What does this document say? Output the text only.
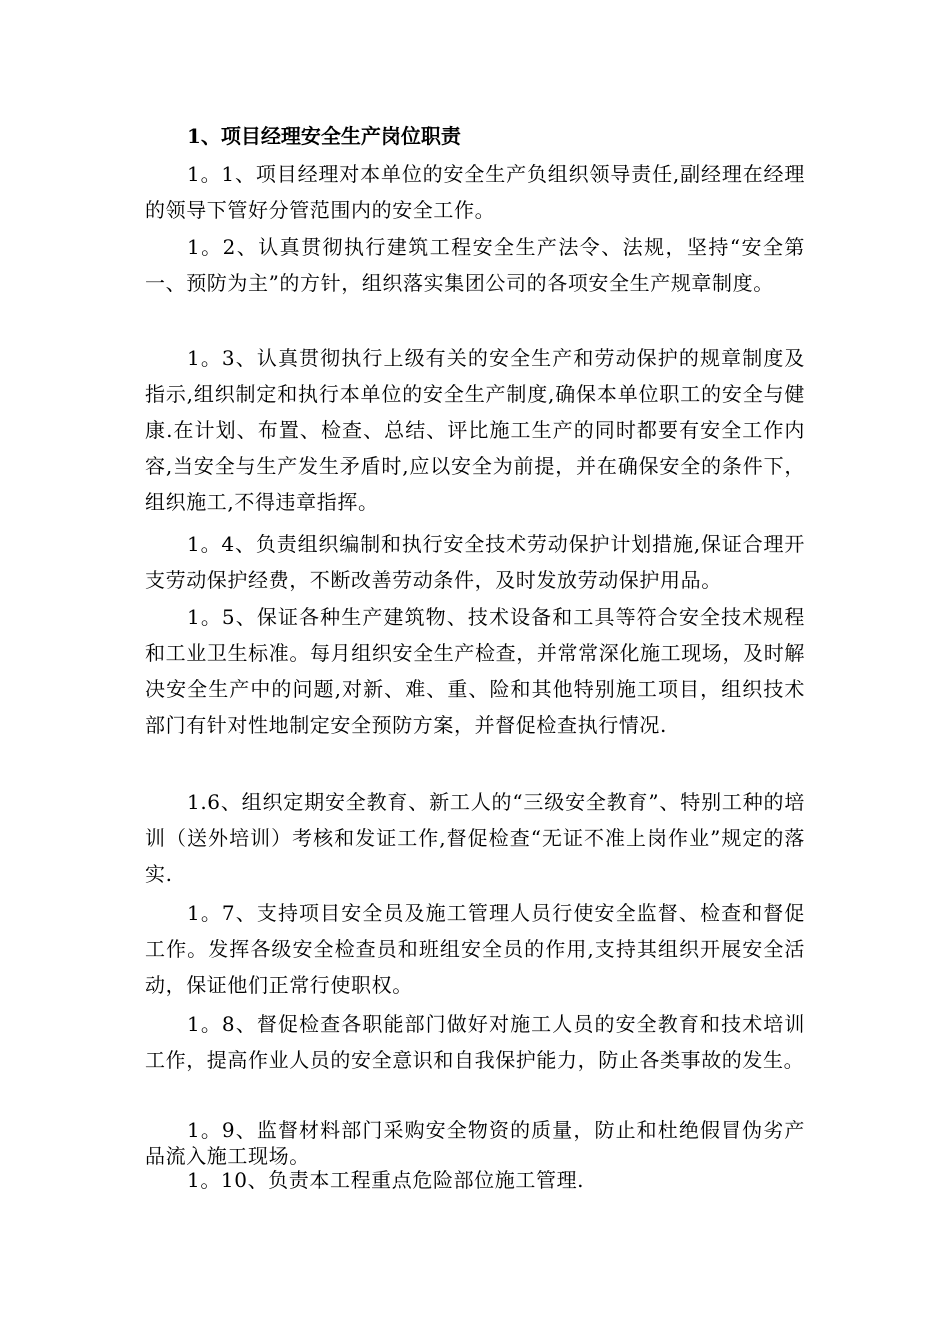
1、项目经理安全生产岗位职责

1。1、项目经理对本单位的安全生产负组织领导责任,副经理在经理的领导下管好分管范围内的安全工作。

1。2、认真贯彻执行建筑工程安全生产法令、法规，坚持“安全第一、预防为主”的方针，组织落实集团公司的各项安全生产规章制度。

1。3、认真贯彻执行上级有关的安全生产和劳动保护的规章制度及指示,组织制定和执行本单位的安全生产制度,确保本单位职工的安全与健康.在计划、布置、检查、总结、评比施工生产的同时都要有安全工作内容,当安全与生产发生矛盾时,应以安全为前提，并在确保安全的条件下，组织施工,不得违章指挥。

1。4、负责组织编制和执行安全技术劳动保护计划措施,保证合理开支劳动保护经费，不断改善劳动条件，及时发放劳动保护用品。

1。5、保证各种生产建筑物、技术设备和工具等符合安全技术规程和工业卫生标准。每月组织安全生产检查，并常常深化施工现场，及时解决安全生产中的问题,对新、难、重、险和其他特别施工项目，组织技术部门有针对性地制定安全预防方案，并督促检查执行情况.

1.6、组织定期安全教育、新工人的“三级安全教育”、特别工种的培训（送外培训）考核和发证工作,督促检查“无证不准上岗作业”规定的落实.

1。7、支持项目安全员及施工管理人员行使安全监督、检查和督促工作。发挥各级安全检查员和班组安全员的作用,支持其组织开展安全活动，保证他们正常行使职权。

1。8、督促检查各职能部门做好对施工人员的安全教育和技术培训工作，提高作业人员的安全意识和自我保护能力，防止各类事故的发生。

1。9、监督材料部门采购安全物资的质量，防止和杜绝假冒伪劣产品流入施工现场。

1。10、负责本工程重点危险部位施工管理.
